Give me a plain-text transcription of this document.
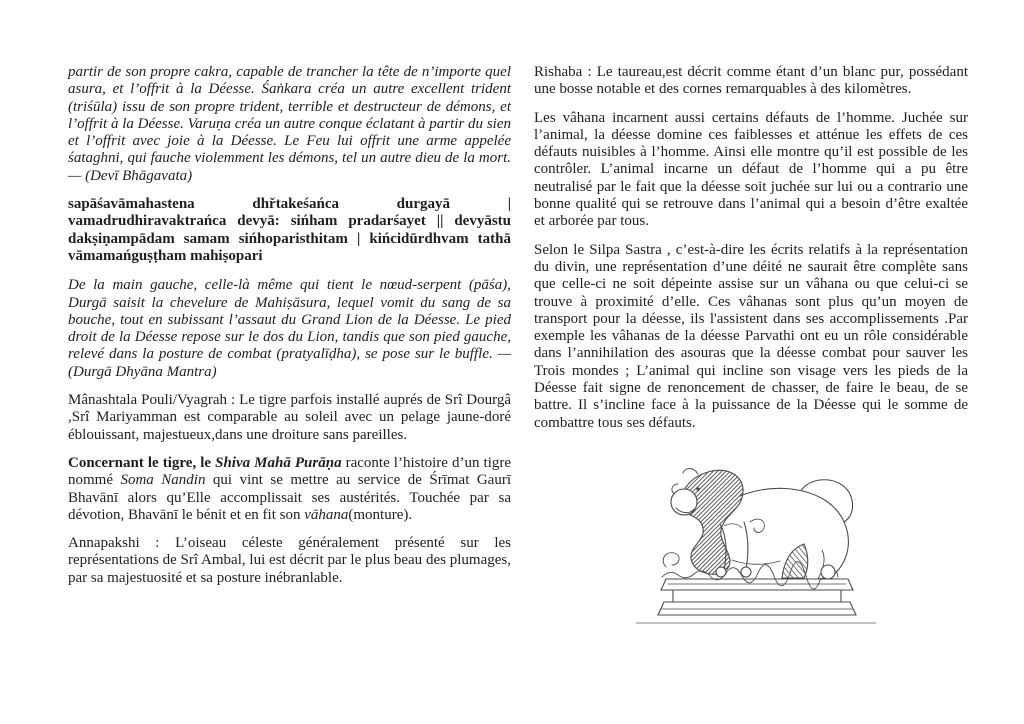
partir de son propre cakra, capable de trancher la tête de n’importe quel asura, et l’offrit à la Déesse. Śaṅkara créa un autre excellent trident (triśūla) issu de son propre trident, terrible et destructeur de démons, et l’offrit à la Déesse. Varuṇa créa un autre conque éclatant à partir du sien et l’offrit avec joie à la Déesse. Le Feu lui offrit une arme appelée śataghni, qui fauche violemment les démons, tel un autre dieu de la mort. — (Devī Bhāgavata)

sapāśavāmahastena dhřtakeśańca durgayā |
vamadrudhiravaktrańca devyā: sińham pradarśayet || devyāstu
dakṣiṇampādam samam sińhoparisthitam | kińcidūrdhvam tathā
vāmamańguṣṭham mahiṣopari

De la main gauche, celle-là même qui tient le nœud-serpent (pāśa), Durgā saisit la chevelure de Mahiṣāsura, lequel vomit du sang de sa bouche, tout en subissant l’assaut du Grand Lion de la Déesse. Le pied droit de la Déesse repose sur le dos du Lion, tandis que son pied gauche, relevé dans la posture de combat (pratyalīḍha), se pose sur le buffle. — (Durgā Dhyāna Mantra)

Mânashtala Pouli/Vyagrah : Le tigre parfois installé auprés de Srî Dourgâ ,Srî Mariyamman est comparable au soleil avec un pelage jaune-doré éblouissant, majestueux,dans une droiture sans pareilles.

Concernant le tigre, le Shiva Mahā Purāṇa raconte l’histoire d’un tigre nommé Soma Nandin qui vint se mettre au service de Śrīmat Gaurī Bhavānī alors qu’Elle accomplissait ses austérités. Touchée par sa dévotion, Bhavānī le bénit et en fit son vāhana(monture).

Annapakshi : L’oiseau céleste généralement présenté sur les représentations de Srî Ambal, lui est décrit par le plus beau des plumages, par sa majestuosité et sa posture inébranlable.

Rishaba : Le taureau,est décrit comme étant d’un blanc pur, possédant une bosse notable et des cornes remarquables à des kilomètres.

Les vâhana incarnent aussi certains défauts de l’homme. Juchée sur l’animal, la déesse domine ces faiblesses et atténue les effets de ces défauts nuisibles à l’homme. Ainsi elle montre qu’il est possible de les contrôler. L’animal incarne un défaut de l’homme qui a pu être neutralisé par le fait que la déesse soit juchée sur lui ou a contrario une bonne qualité qui se retrouve dans l’animal qui a besoin d’être exaltée et arborée par tous.

Selon le Silpa Sastra , c’est-à-dire les écrits relatifs à la représentation du divin, une représentation d’une déité ne saurait être complète sans que celle-ci ne soit dépeinte assise sur un vâhana ou que celui-ci se trouve à proximité d’elle. Ces vâhanas sont plus qu’un moyen de transport pour la déesse, ils l'assistent dans ses accomplissements .Par exemple les vâhanas de la déesse Parvathi ont eu un rôle considérable dans l’annihilation des asouras que la déesse combat pour sauver les Trois mondes ; L’animal qui incline son visage vers les pieds de la Déesse fait signe de renoncement de chasser, de faire le beau, de se battre. Il s’incline face à la puissance de la Déesse qui le somme de combattre tous ses défauts.
